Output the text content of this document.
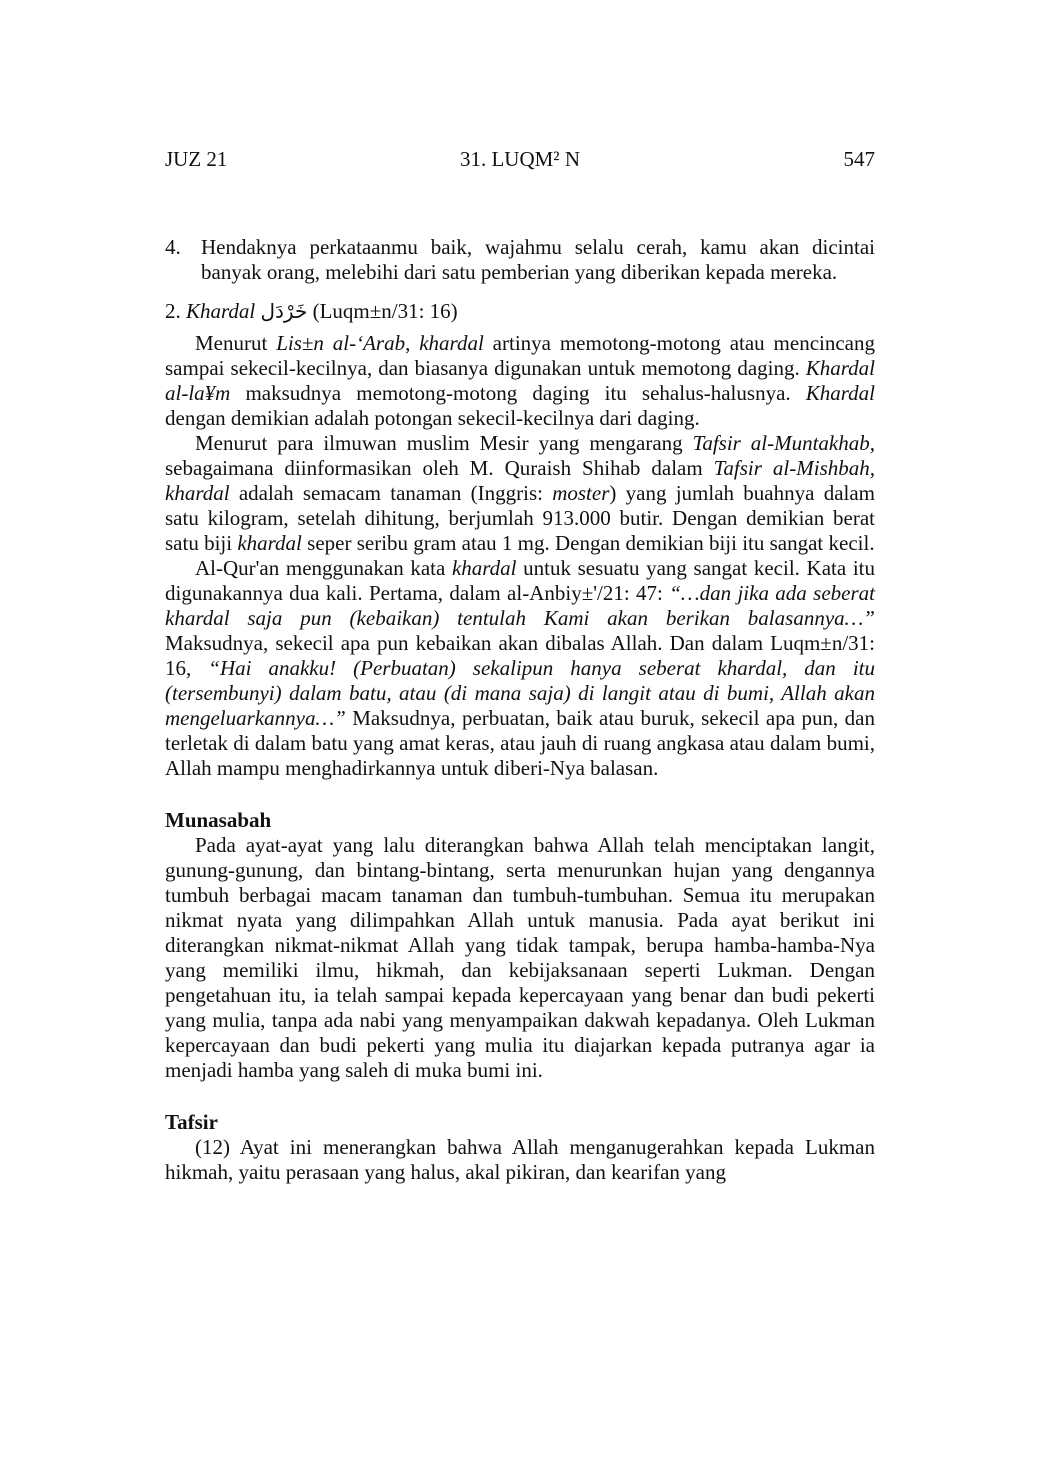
JUZ 21	31. LUQM² N	547
4. Hendaknya perkataanmu baik, wajahmu selalu cerah, kamu akan dicintai banyak orang, melebihi dari satu pemberian yang diberikan kepada mereka.

2. Khardal خَرْدَل (Luqm±n/31: 16)

Menurut Lis±n al-‘Arab, khardal artinya memotong-motong atau mencincang sampai sekecil-kecilnya, dan biasanya digunakan untuk memotong daging. Khardal al-la¥m maksudnya memotong-motong daging itu sehalus-halusnya. Khardal dengan demikian adalah potongan sekecil-kecilnya dari daging.

Menurut para ilmuwan muslim Mesir yang mengarang Tafsir al-Muntakhab, sebagaimana diinformasikan oleh M. Quraish Shihab dalam Tafsir al-Mishbah, khardal adalah semacam tanaman (Inggris: moster) yang jumlah buahnya dalam satu kilogram, setelah dihitung, berjumlah 913.000 butir. Dengan demikian berat satu biji khardal seper seribu gram atau 1 mg. Dengan demikian biji itu sangat kecil.

Al-Qur'an menggunakan kata khardal untuk sesuatu yang sangat kecil. Kata itu digunakannya dua kali. Pertama, dalam al-Anbiy±'/21: 47: “…dan jika ada seberat khardal saja pun (kebaikan) tentulah Kami akan berikan balasannya…” Maksudnya, sekecil apa pun kebaikan akan dibalas Allah. Dan dalam Luqm±n/31: 16, “Hai anakku! (Perbuatan) sekalipun hanya seberat khardal, dan itu (tersembunyi) dalam batu, atau (di mana saja) di langit atau di bumi, Allah akan mengeluarkannya…” Maksudnya, perbuatan, baik atau buruk, sekecil apa pun, dan terletak di dalam batu yang amat keras, atau jauh di ruang angkasa atau dalam bumi, Allah mampu menghadirkannya untuk diberi-Nya balasan.

Munasabah

Pada ayat-ayat yang lalu diterangkan bahwa Allah telah menciptakan langit, gunung-gunung, dan bintang-bintang, serta menurunkan hujan yang dengannya tumbuh berbagai macam tanaman dan tumbuh-tumbuhan. Semua itu merupakan nikmat nyata yang dilimpahkan Allah untuk manusia. Pada ayat berikut ini diterangkan nikmat-nikmat Allah yang tidak tampak, berupa hamba-hamba-Nya yang memiliki ilmu, hikmah, dan kebijaksanaan seperti Lukman. Dengan pengetahuan itu, ia telah sampai kepada kepercayaan yang benar dan budi pekerti yang mulia, tanpa ada nabi yang menyampaikan dakwah kepadanya. Oleh Lukman kepercayaan dan budi pekerti yang mulia itu diajarkan kepada putranya agar ia menjadi hamba yang saleh di muka bumi ini.

Tafsir

(12) Ayat ini menerangkan bahwa Allah menganugerahkan kepada Lukman hikmah, yaitu perasaan yang halus, akal pikiran, dan kearifan yang
